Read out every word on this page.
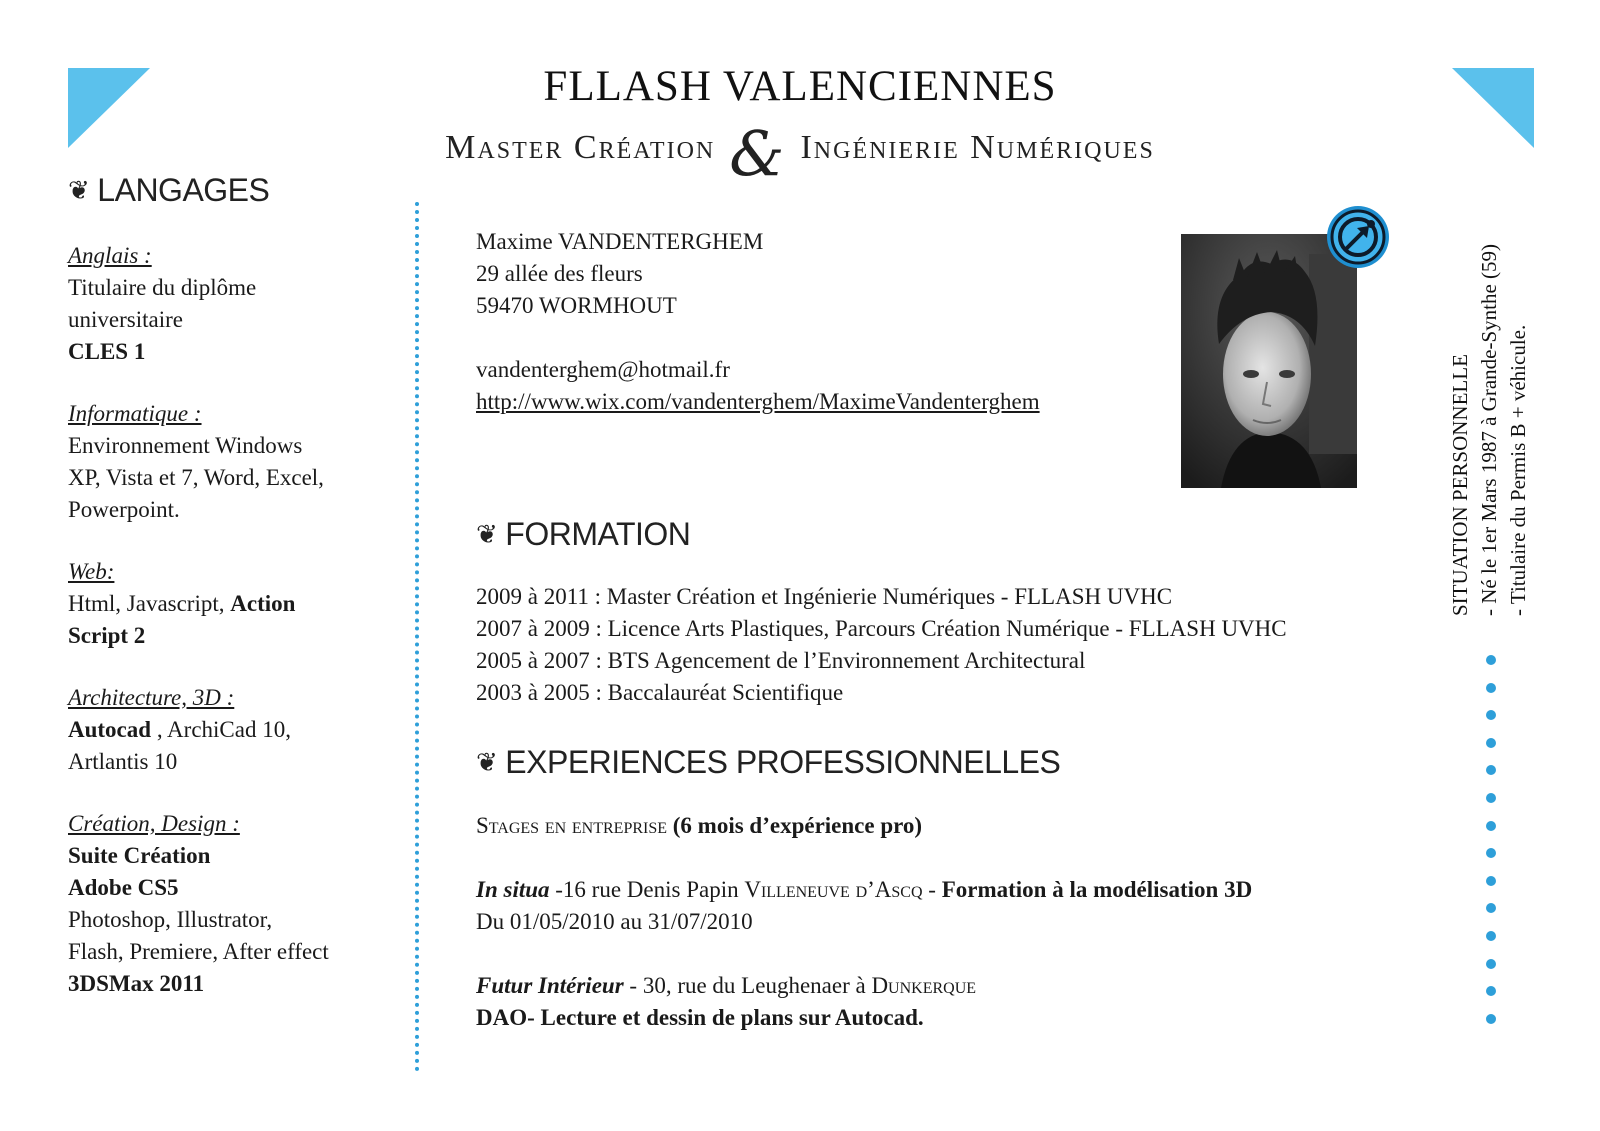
FLLASH VALENCIENNES
Master Création & Ingénierie Numériques
❦ LANGAGES
Anglais :
Titulaire du diplôme
universitaire
CLES 1
Informatique :
Environnement Windows
XP, Vista et 7, Word, Excel,
Powerpoint.
Web:
Html, Javascript, Action
Script 2
Architecture, 3D :
Autocad , ArchiCad 10,
Artlantis 10
Création, Design :
Suite Création
Adobe CS5
Photoshop, Illustrator,
Flash, Premiere, After effect
3DSMax 2011
Maxime VANDENTERGHEM
29 allée des fleurs
59470 WORMHOUT
vandenterghem@hotmail.fr
http://www.wix.com/vandenterghem/MaximeVandenterghem
❦ FORMATION
2009 à 2011 : Master Création et Ingénierie Numériques - FLLASH UVHC
2007 à 2009 : Licence Arts Plastiques, Parcours Création Numérique - FLLASH UVHC
2005 à 2007 : BTS Agencement de l’Environnement Architectural
2003 à 2005 : Baccalauréat Scientifique
❦ EXPERIENCES PROFESSIONNELLES
Stages en entreprise (6 mois d’expérience pro)
In situa -16 rue Denis Papin Villeneuve d’Ascq - Formation à la modélisation 3D
Du 01/05/2010 au 31/07/2010
Futur Intérieur - 30, rue du Leughenaer à Dunkerque
DAO- Lecture et dessin de plans sur Autocad.
SITUATION PERSONNELLE - Né le 1er Mars 1987 à Grande-Synthe (59) - Titulaire du Permis B + véhicule.
